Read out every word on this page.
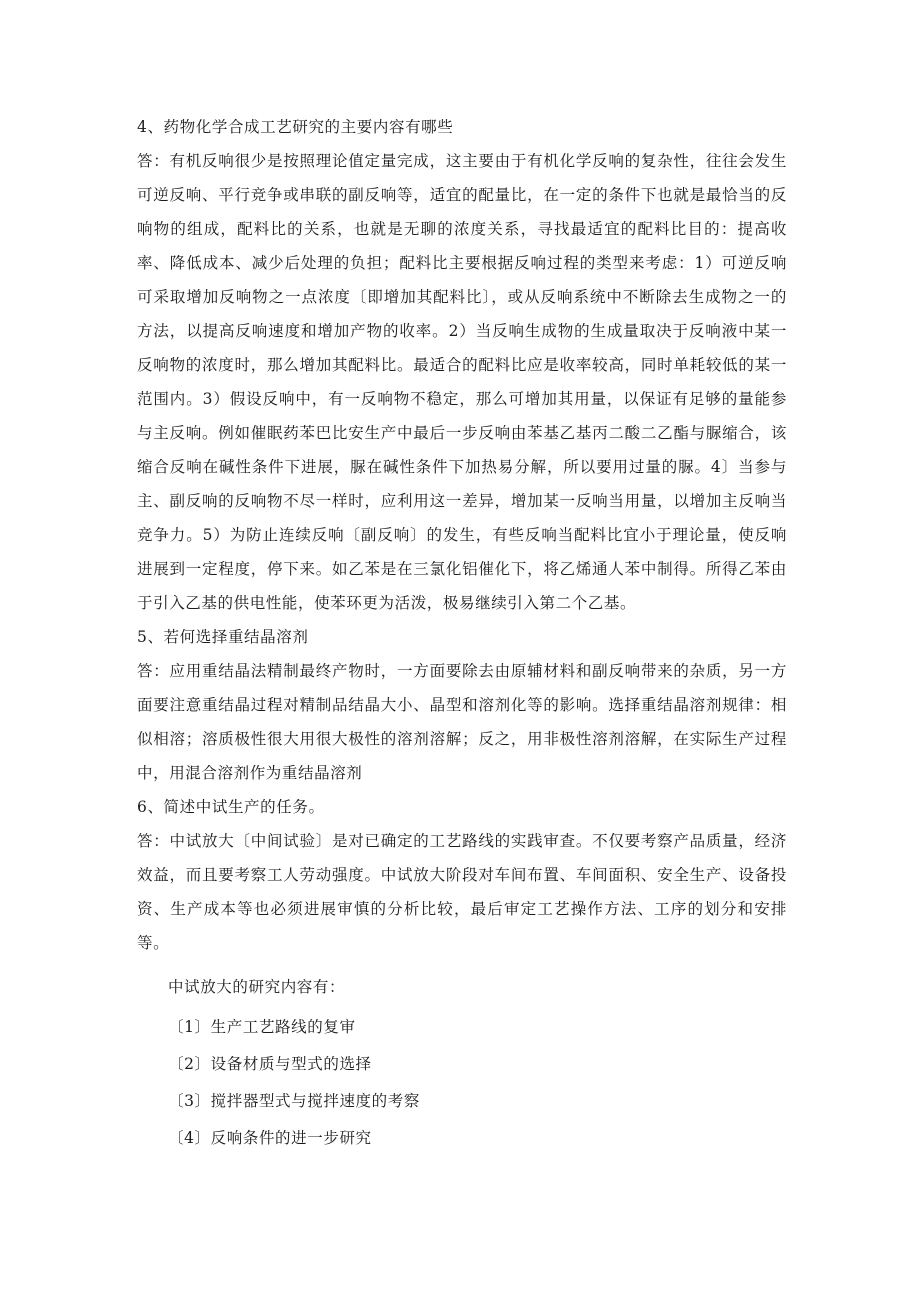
4、药物化学合成工艺研究的主要内容有哪些

答：有机反响很少是按照理论值定量完成，这主要由于有机化学反响的复杂性，往往会发生可逆反响、平行竞争或串联的副反响等，适宜的配量比，在一定的条件下也就是最恰当的反响物的组成，配料比的关系，也就是无聊的浓度关系，寻找最适宜的配料比目的：提高收率、降低成本、减少后处理的负担；配料比主要根据反响过程的类型来考虑：1）可逆反响可采取增加反响物之一点浓度〔即增加其配料比〕，或从反响系统中不断除去生成物之一的方法，以提高反响速度和增加产物的收率。2）当反响生成物的生成量取决于反响液中某一反响物的浓度时，那么增加其配料比。最适合的配料比应是收率较高，同时单耗较低的某一范围内。3）假设反响中，有一反响物不稳定，那么可增加其用量，以保证有足够的量能参与主反响。例如催眠药苯巴比安生产中最后一步反响由苯基乙基丙二酸二乙酯与脲缩合，该缩合反响在碱性条件下进展，脲在碱性条件下加热易分解，所以要用过量的脲。4〕当参与主、副反响的反响物不尽一样时，应利用这一差异，增加某一反响当用量，以增加主反响当竞争力。5）为防止连续反响〔副反响〕的发生，有些反响当配料比宜小于理论量，使反响进展到一定程度，停下来。如乙苯是在三氯化铝催化下，将乙烯通人苯中制得。所得乙苯由于引入乙基的供电性能，使苯环更为活泼，极易继续引入第二个乙基。

5、若何选择重结晶溶剂

答：应用重结晶法精制最终产物时，一方面要除去由原辅材料和副反响带来的杂质，另一方面要注意重结晶过程对精制品结晶大小、晶型和溶剂化等的影响。选择重结晶溶剂规律：相似相溶；溶质极性很大用很大极性的溶剂溶解；反之，用非极性溶剂溶解，在实际生产过程中，用混合溶剂作为重结晶溶剂

6、简述中试生产的任务。

答：中试放大〔中间试验〕是对已确定的工艺路线的实践审查。不仅要考察产品质量，经济效益，而且要考察工人劳动强度。中试放大阶段对车间布置、车间面积、安全生产、设备投资、生产成本等也必须进展审慎的分析比较，最后审定工艺操作方法、工序的划分和安排等。

中试放大的研究内容有：

〔1〕生产工艺路线的复审
〔2〕设备材质与型式的选择
〔3〕搅拌器型式与搅拌速度的考察
〔4〕反响条件的进一步研究
